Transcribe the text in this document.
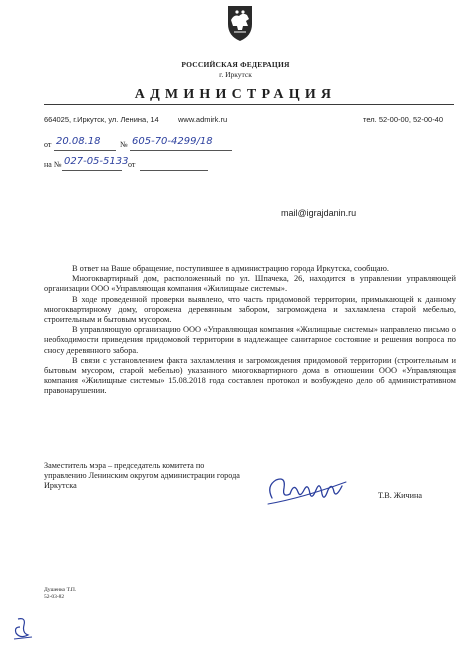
РОССИЙСКАЯ ФЕДЕРАЦИЯ
г. Иркутск
АДМИНИСТРАЦИЯ
664025, г.Иркутск, ул. Ленина, 14	www.admirk.ru	тел. 52-00-00, 52-00-40
от 20.08.18 № 605-70-4299/18
на № 027-05-5133 от
mail@igrajdanin.ru

В ответ на Ваше обращение, поступившее в администрацию города Иркутска, сообщаю.

Многоквартирный дом, расположенный по ул. Шпачека, 26, находится в управлении управляющей организации ООО «Управляющая компания «Жилищные системы».

В ходе проведенной проверки выявлено, что часть придомовой территории, примыкающей к данному многоквартирному дому, огорожена деревянным забором, загромождена и захламлена старой мебелью, строительным и бытовым мусором.

В управляющую организацию ООО «Управляющая компания «Жилищные системы» направлено письмо о необходимости приведения придомовой территории в надлежащее санитарное состояние и решения вопроса по сносу деревянного забора.

В связи с установлением факта захламления и загромождения придомовой территории (строительным и бытовым мусором, старой мебелью) указанного многоквартирного дома в отношении ООО «Управляющая компания «Жилищные системы» 15.08.2018 года составлен протокол и возбуждено дело об административном правонарушении.

Заместитель мэра – председатель комитета по управлению Ленинским округом администрации города Иркутска
Т.В. Жичина
Душенко Т.П.
52-03-82
